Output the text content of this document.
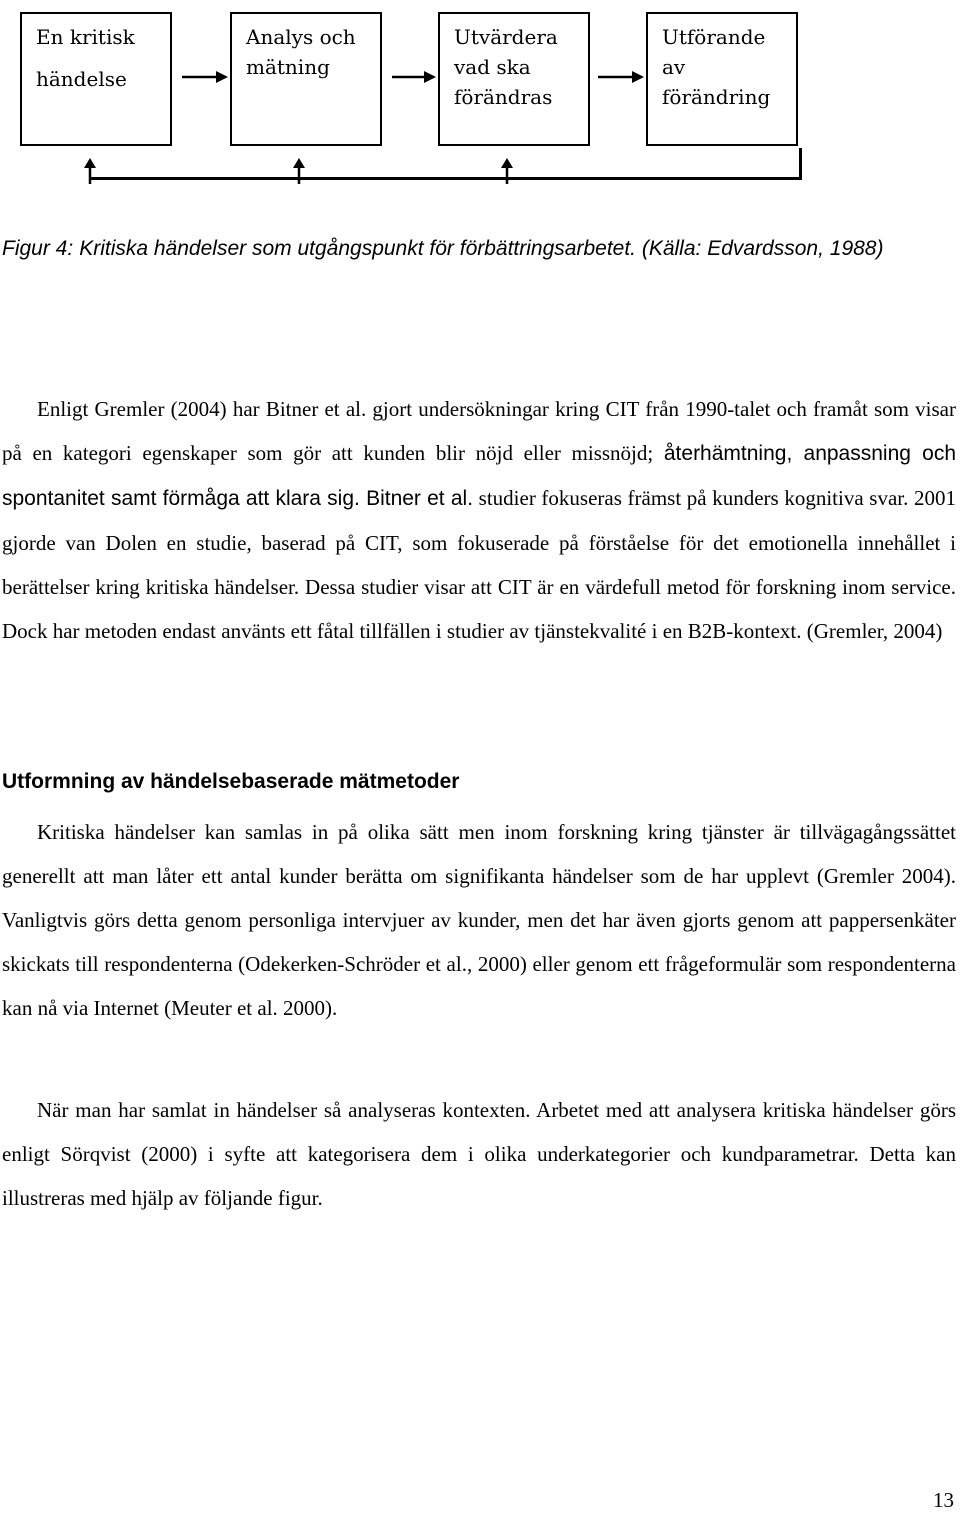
En kritisk
händelse
Analys och
mätning
Utvärdera
vad ska
förändras
Utförande
av
förändring
Figur 4: Kritiska händelser som utgångspunkt för förbättringsarbetet. (Källa: Edvardsson, 1988)

Enligt Gremler (2004) har Bitner et al. gjort undersökningar kring CIT från 1990-talet och framåt som visar på en kategori egenskaper som gör att kunden blir nöjd eller missnöjd; återhämtning, anpassning och spontanitet samt förmåga att klara sig. Bitner et al. studier fokuseras främst på kunders kognitiva svar. 2001 gjorde van Dolen en studie, baserad på CIT, som fokuserade på förståelse för det emotionella innehållet i berättelser kring kritiska händelser. Dessa studier visar att CIT är en värdefull metod för forskning inom service. Dock har metoden endast använts ett fåtal tillfällen i studier av tjänstekvalité i en B2B-kontext. (Gremler, 2004)

Utformning av händelsebaserade mätmetoder

Kritiska händelser kan samlas in på olika sätt men inom forskning kring tjänster är tillvägagångssättet generellt att man låter ett antal kunder berätta om signifikanta händelser som de har upplevt (Gremler 2004). Vanligtvis görs detta genom personliga intervjuer av kunder, men det har även gjorts genom att pappersenkäter skickats till respondenterna (Odekerken-Schröder et al., 2000) eller genom ett frågeformulär som respondenterna kan nå via Internet (Meuter et al. 2000).

När man har samlat in händelser så analyseras kontexten. Arbetet med att analysera kritiska händelser görs enligt Sörqvist (2000) i syfte att kategorisera dem i olika underkategorier och kundparametrar. Detta kan illustreras med hjälp av följande figur.

13
